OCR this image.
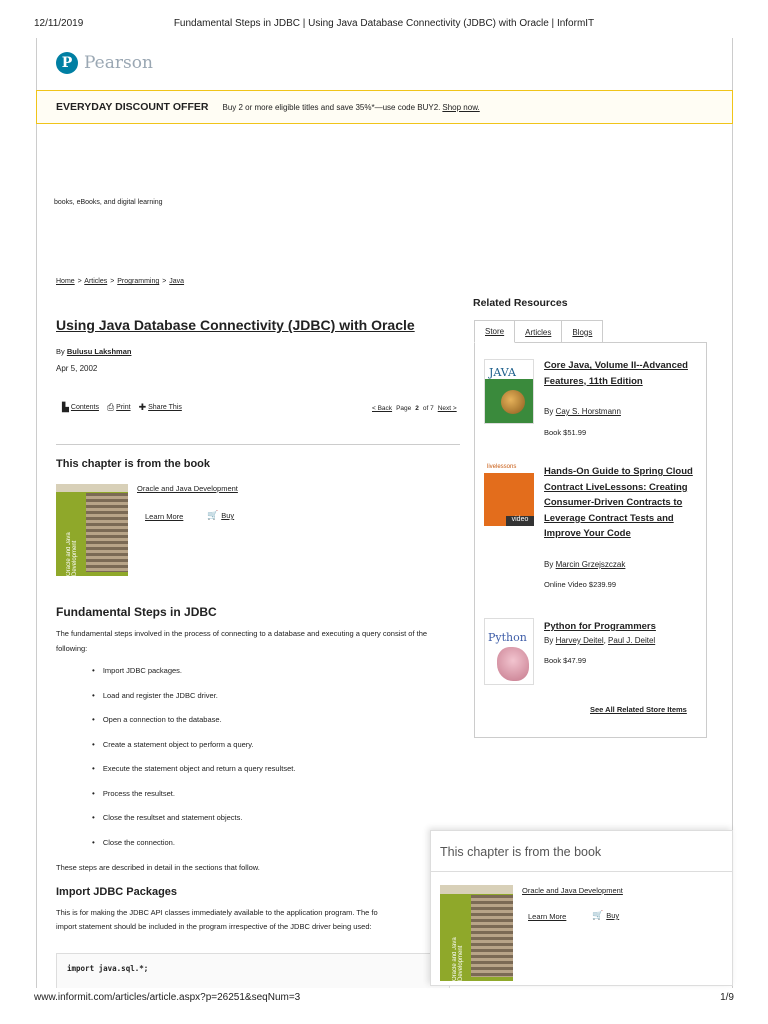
12/11/2019	Fundamental Steps in JDBC | Using Java Database Connectivity (JDBC) with Oracle | InformIT
P Pearson
EVERYDAY DISCOUNT OFFER Buy 2 or more eligible titles and save 35%*—use code BUY2. Shop now.
books, eBooks, and digital learning
Home > Articles > Programming > Java
Using Java Database Connectivity (JDBC) with Oracle
By Bulusu Lakshman
Apr 5, 2002
▙ Contents ⎙ Print ✚ Share This	< Back Page 2 of 7 Next >
This chapter is from the book
Oracle and Java Development
Oracle and Java Development
Learn More	🛒 Buy
Fundamental Steps in JDBC

The fundamental steps involved in the process of connecting to a database and executing a query consist of the following:

• Import JDBC packages.
• Load and register the JDBC driver.
• Open a connection to the database.
• Create a statement object to perform a query.
• Execute the statement object and return a query resultset.
• Process the resultset.
• Close the resultset and statement objects.
• Close the connection.

These steps are described in detail in the sections that follow.

Import JDBC Packages

This is for making the JDBC API classes immediately available to the application program. The fo

import statement should be included in the program irrespective of the JDBC driver being used:

import java.sql.*;
Related Resources
Store	Articles	Blogs
JAVA
Core Java, Volume II--Advanced Features, 11th Edition
By Cay S. Horstmann
Book $51.99
livelessons
video
Hands-On Guide to Spring Cloud Contract LiveLessons: Creating Consumer-Driven Contracts to Leverage Contract Tests and Improve Your Code
By Marcin Grzejszczak
Online Video $239.99
Python
Python for Programmers
By Harvey Deitel, Paul J. Deitel
Book $47.99
See All Related Store Items
This chapter is from the book
Oracle and Java Development
Oracle and Java Development
Learn More	🛒 Buy
www.informit.com/articles/article.aspx?p=26251&seqNum=3	1/9
